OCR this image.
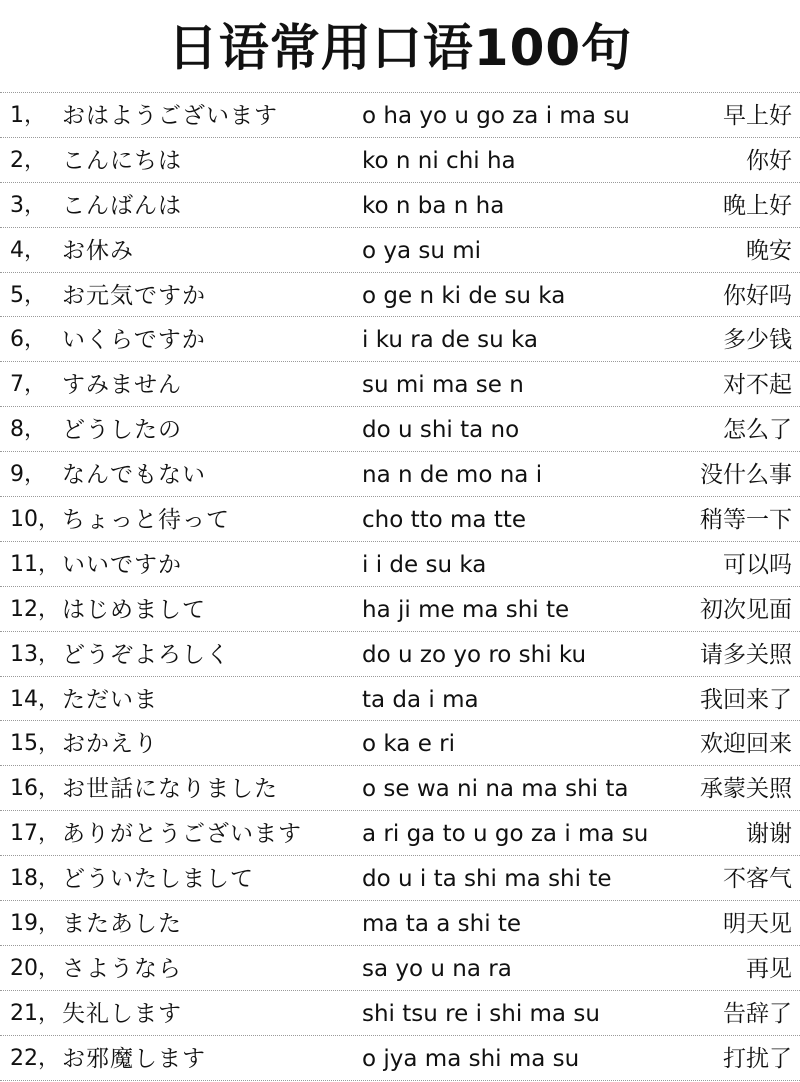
日语常用口语100句
1， おはようございます	o ha yo u go za i ma su	早上好
2， こんにちは	ko n ni chi ha	你好
3， こんばんは	ko n ba n ha	晚上好
4， お休み	o ya su mi	晚安
5， お元気ですか	o ge n ki de su ka	你好吗
6， いくらですか	i ku ra de su ka	多少钱
7， すみません	su mi ma se n	对不起
8， どうしたの	do u shi ta no	怎么了
9， なんでもない	na n de mo na i	没什么事
10， ちょっと待って	cho tto ma tte	稍等一下
11， いいですか	i i de su ka	可以吗
12， はじめまして	ha ji me ma shi te	初次见面
13， どうぞよろしく	do u zo yo ro shi ku	请多关照
14， ただいま	ta da i ma	我回来了
15， おかえり	o ka e ri	欢迎回来
16， お世話になりました	o se wa ni na ma shi ta	承蒙关照
17， ありがとうございます	a ri ga to u go za i ma su	谢谢
18， どういたしまして	do u i ta shi ma shi te	不客气
19， またあした	ma ta a shi te	明天见
20， さようなら	sa yo u na ra	再见
21， 失礼します	shi tsu re i shi ma su	告辞了
22， お邪魔します	o jya ma shi ma su	打扰了
